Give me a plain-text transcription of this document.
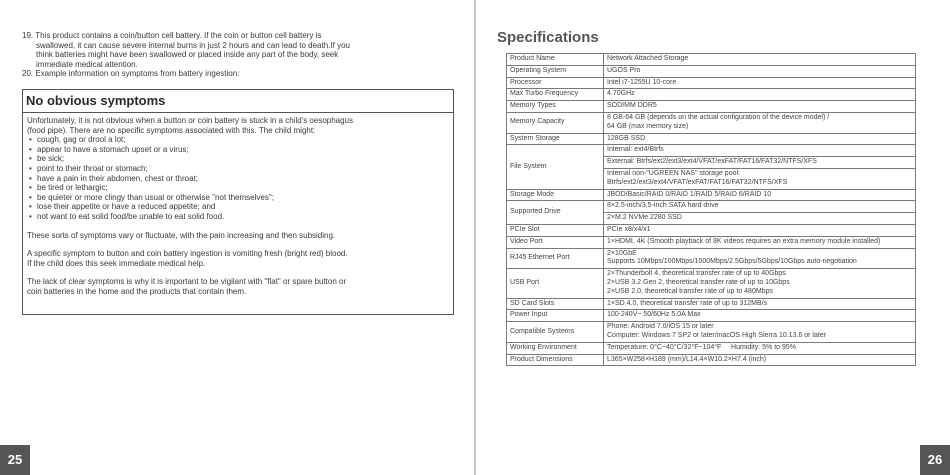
19. This product contains a coin/button cell battery. If the coin or button cell battery is

swallowed, it can cause severe internal burns in just 2 hours and can lead to death.If you

think batteries might have been swallowed or placed inside any part of the body, seek

immediate medical attention.

20. Example information on symptoms from battery ingestion:

No obvious symptoms

Unfortunately, it is not obvious when a button or coin battery is stuck in a child's oesophagus

(food pipe). There are no specific symptoms associated with this. The child might:

• cough, gag or drool a lot;
• appear to have a stomach upset or a virus;
• be sick;
• point to their throat or stomach;
• have a pain in their abdomen, chest or throat;
• be tired or lethargic;
• be quieter or more clingy than usual or otherwise "not themselves";
• lose their appetite or have a reduced appetite; and
• not want to eat solid food/be unable to eat solid food.

These sorts of symptoms vary or fluctuate, with the pain increasing and then subsiding.

A specific symptom to button and coin battery ingestion is vomiting fresh (bright red) blood.

If the child does this seek immediate medical help.

The lack of clear symptoms is why it is important to be vigilant with "flat" or spare button or

coin batteries in the home and the products that contain them.

25
Specifications
Product Name	Network Attached Storage
Operating System	UGOS Pro
Processor	Intel i7-1255U 10-core
Max Turbo Frequency	4.70GHz
Memory Types	SODIMM DDR5
Memory Capacity	8 GB-64 GB (depends on the actual configuration of the device model) /
64 GB (max memory size)

System Storage	128GB SSD
File System	Internal: ext4/Btrfs
	External: Btrfs/ext2/ext3/ext4/VFAT/exFAT/FAT16/FAT32/NTFS/XFS

	Internal non-"UGREEN NAS" storage pool:
Btrfs/ext2/ext3/ext4/VFAT/exFAT/FAT16/FAT32/NTFS/XFS

Storage Mode	JBOD/Basic/RAID 0/RAID 1/RAID 5/RAID 6/RAID 10
Supported Drive	8×2.5-inch/3.5-inch SATA hard drive
	2×M.2 NVMe 2280 SSD
PCIe Slot	PCIe x8/x4/x1
Video Port	1×HDMI, 4K (Smooth playback of 8K videos requires an extra memory module installed)
RJ45 Ethernet Port	2×10GbE
Supports 10Mbps/100Mbps/1000Mbps/2.5Gbps/5Gbps/10Gbps auto-negotiation

USB Port	2×Thunderbolt 4, theoretical transfer rate of up to 40Gbps
2×USB 3.2 Gen 2, theoretical transfer rate of up to 10Gbps
2×USB 2.0, theoretical transfer rate of up to 480Mbps

SD Card Slots	1×SD 4.0, theoretical transfer rate of up to 312MB/s
Power Input	100-240V~ 50/60Hz 5.0A Max
Compatible Systems	Phone: Android 7.0/iOS 15 or later
Computer: Windows 7 SP2 or later/macOS High Sierra 10.13.6 or later

Working Environment	Temperature: 0°C~40°C/32°F~104°F     Humidity: 5% to 95%
Product Dimensions	L365×W258×H189 (mm)/L14.4×W10.2×H7.4 (inch)
26
